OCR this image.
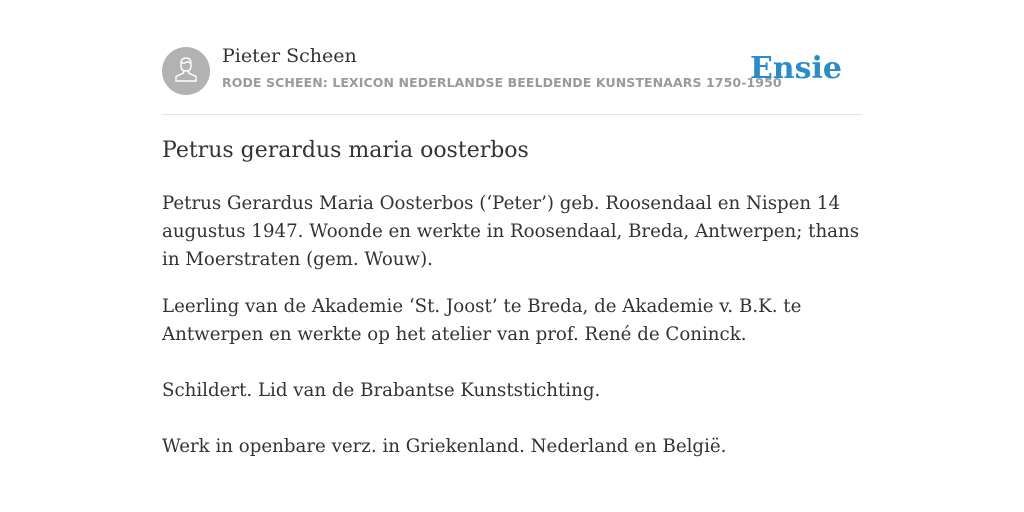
Pieter Scheen
RODE SCHEEN: LEXICON NEDERLANDSE BEELDENDE KUNSTENAARS 1750-1950
Ensie
Petrus gerardus maria oosterbos

Petrus Gerardus Maria Oosterbos (‘Peter’) geb. Roosendaal en Nispen 14 augustus 1947. Woonde en werkte in Roosendaal, Breda, Antwerpen; thans in Moerstraten (gem. Wouw).

Leerling van de Akademie ‘St. Joost’ te Breda, de Akademie v. B.K. te Antwerpen en werkte op het atelier van prof. René de Coninck.

Schildert. Lid van de Brabantse Kunststichting.

Werk in openbare verz. in Griekenland. Nederland en België.
